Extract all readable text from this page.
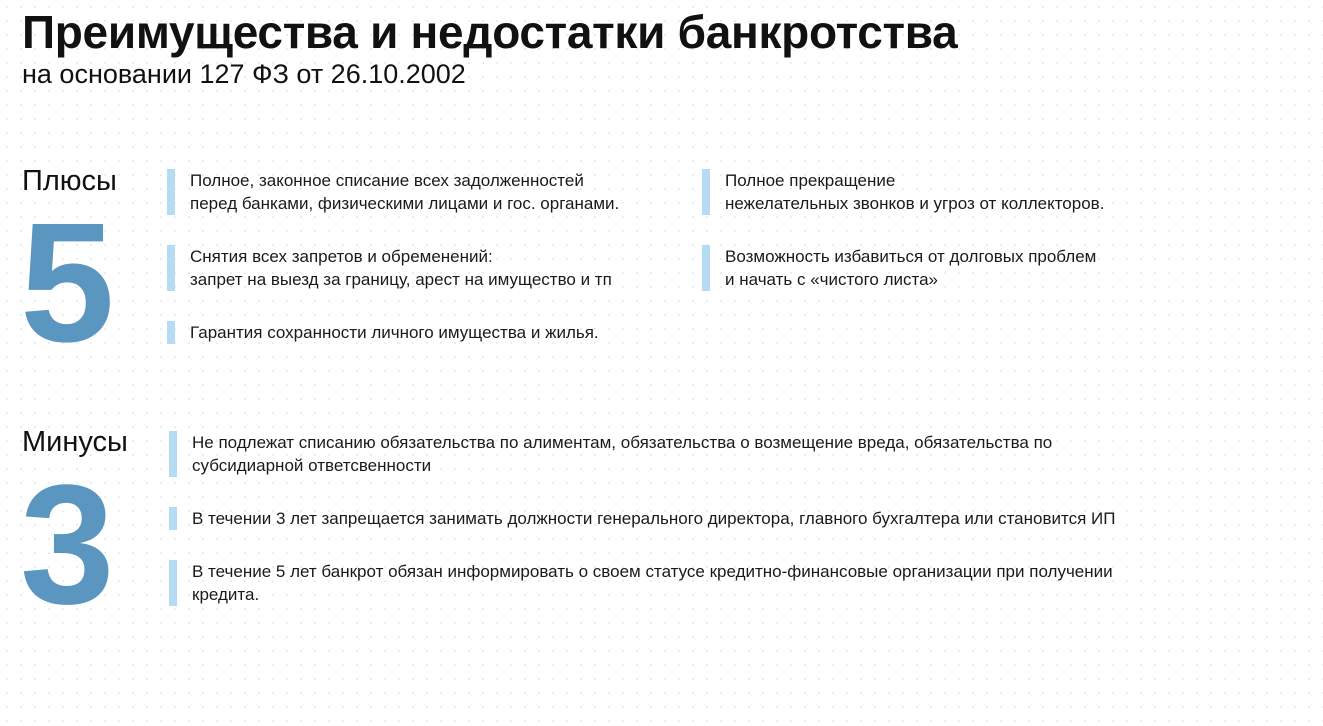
Преимущества и недостатки банкротства
на основании 127 ФЗ от 26.10.2002
Плюсы
5
Полное, законное списание всех задолженностей
перед банками, физическими лицами и гос. органами.
Полное прекращение
нежелательных звонков и угроз от коллекторов.
Снятия всех запретов и обременений:
запрет на выезд за границу, арест на имущество и тп
Возможность избавиться от долговых проблем
и начать с «чистого листа»
Гарантия сохранности личного имущества и жилья.
Минусы
3
Не подлежат списанию обязательства по алиментам, обязательства о возмещение вреда, обязательства по
субсидиарной ответсвенности
В течении 3 лет запрещается занимать должности генерального директора, главного бухгалтера или становится ИП
В течение 5 лет банкрот обязан информировать о своем статусе кредитно-финансовые организации при получении
кредита.
